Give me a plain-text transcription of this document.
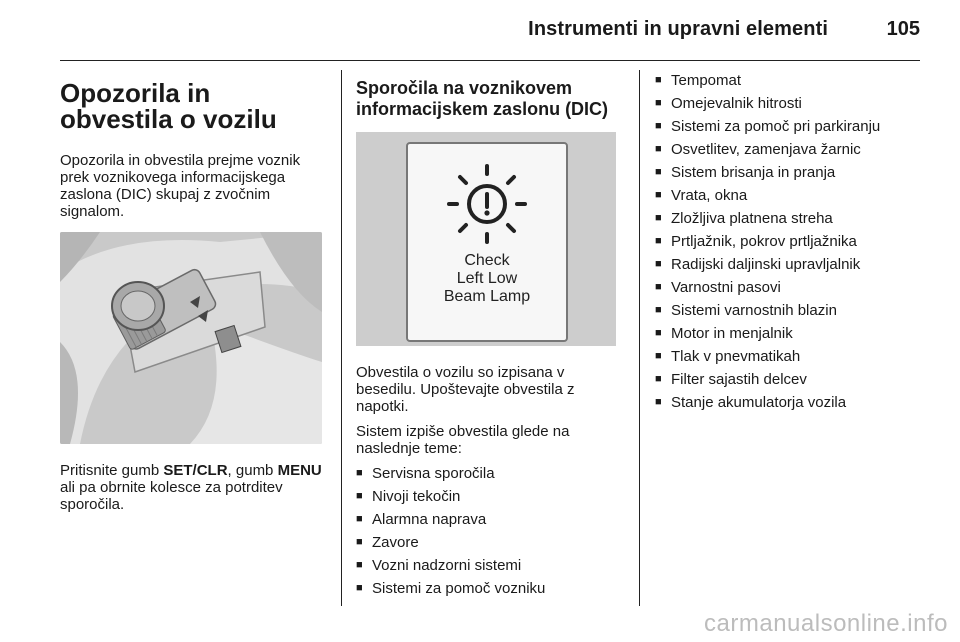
Instrumenti in upravni elementi	105
Opozorila in obvestila o vozilu

Opozorila in obvestila prejme voznik prek voznikovega informacijskega zaslona (DIC) skupaj z zvočnim signalom.

Pritisnite gumb SET/CLR, gumb MENU ali pa obrnite kolesce za potrditev sporočila.

Sporočila na voznikovem informacijskem zaslonu (DIC)
Check
Left Low
Beam Lamp

Obvestila o vozilu so izpisana v besedilu. Upoštevajte obvestila z napotki.

Sistem izpiše obvestila glede na naslednje teme:

■ Servisna sporočila
■ Nivoji tekočin
■ Alarmna naprava
■ Zavore
■ Vozni nadzorni sistemi
■ Sistemi za pomoč vozniku
■ Tempomat
■ Omejevalnik hitrosti
■ Sistemi za pomoč pri parkiranju
■ Osvetlitev, zamenjava žarnic
■ Sistem brisanja in pranja
■ Vrata, okna
■ Zložljiva platnena streha
■ Prtljažnik, pokrov prtljažnika
■ Radijski daljinski upravljalnik
■ Varnostni pasovi
■ Sistemi varnostnih blazin
■ Motor in menjalnik
■ Tlak v pnevmatikah
■ Filter sajastih delcev
■ Stanje akumulatorja vozila
carmanualsonline.info
